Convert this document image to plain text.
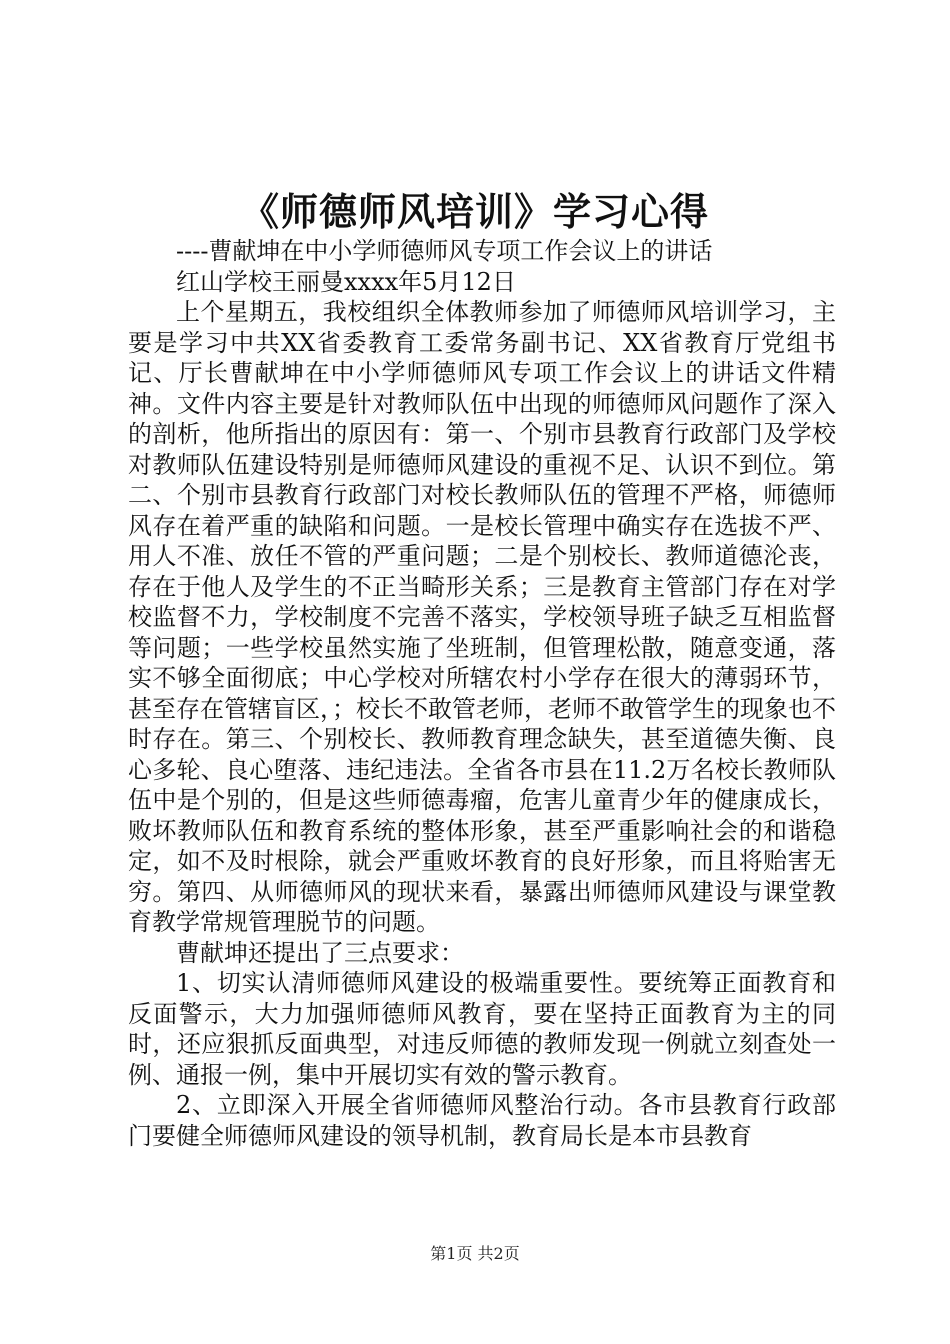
《师德师风培训》学习心得

----曹献坤在中小学师德师风专项工作会议上的讲话

红山学校王丽曼xxxx年5月12日

上个星期五，我校组织全体教师参加了师德师风培训学习，主要是学习中共XX省委教育工委常务副书记、XX省教育厅党组书记、厅长曹献坤在中小学师德师风专项工作会议上的讲话文件精神。文件内容主要是针对教师队伍中出现的师德师风问题作了深入的剖析，他所指出的原因有：第一、个别市县教育行政部门及学校对教师队伍建设特别是师德师风建设的重视不足、认识不到位。第二、个别市县教育行政部门对校长教师队伍的管理不严格，师德师风存在着严重的缺陷和问题。一是校长管理中确实存在选拔不严、用人不准、放任不管的严重问题；二是个别校长、教师道德沦丧，存在于他人及学生的不正当畸形关系；三是教育主管部门存在对学校监督不力，学校制度不完善不落实，学校领导班子缺乏互相监督等问题；一些学校虽然实施了坐班制，但管理松散，随意变通，落实不够全面彻底；中心学校对所辖农村小学存在很大的薄弱环节，甚至存在管辖盲区，；校长不敢管老师，老师不敢管学生的现象也不时存在。第三、个别校长、教师教育理念缺失，甚至道德失衡、良心多轮、良心堕落、违纪违法。全省各市县在11.2万名校长教师队伍中是个别的，但是这些师德毒瘤，危害儿童青少年的健康成长，败坏教师队伍和教育系统的整体形象，甚至严重影响社会的和谐稳定，如不及时根除，就会严重败坏教育的良好形象，而且将贻害无穷。第四、从师德师风的现状来看，暴露出师德师风建设与课堂教育教学常规管理脱节的问题。

曹献坤还提出了三点要求：

1、切实认清师德师风建设的极端重要性。要统筹正面教育和反面警示，大力加强师德师风教育，要在坚持正面教育为主的同时，还应狠抓反面典型，对违反师德的教师发现一例就立刻查处一例、通报一例，集中开展切实有效的警示教育。

2、立即深入开展全省师德师风整治行动。各市县教育行政部门要健全师德师风建设的领导机制，教育局长是本市县教育

第1页 共2页
